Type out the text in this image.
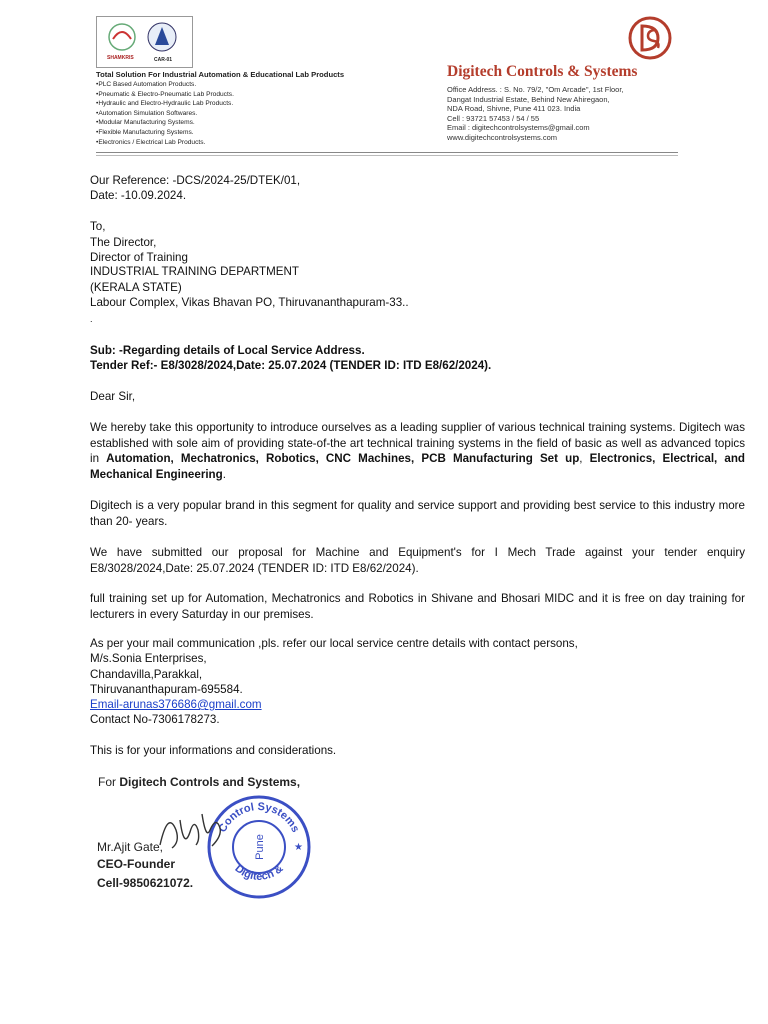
SHAMKRIS	CAR-01
Total Solution For Industrial Automation & Educational Lab Products
• PLC Based Automation Products.
• Pneumatic & Electro-Pneumatic Lab Products.
• Hydraulic and Electro-Hydraulic Lab Products.
• Automation Simulation Softwares.
• Modular Manufacturing Systems.
• Flexible Manufacturing Systems.
• Electronics / Electrical Lab Products.
Digitech Controls & Systems
Office Address. : S. No. 79/2, "Om Arcade", 1st Floor,
Dangat Industrial Estate, Behind New Ahiregaon,
NDA Road, Shivne, Pune 411 023. India
Cell : 93721 57453 / 54 / 55
Email : digitechcontrolsystems@gmail.com
www.digitechcontrolsystems.com
Our Reference: -DCS/2024-25/DTEK/01,
Date: -10.09.2024.
To,
The Director,
Director of Training
INDUSTRIAL TRAINING DEPARTMENT
(KERALA STATE)
Labour Complex, Vikas Bhavan PO, Thiruvananthapuram-33..
.
Sub: -Regarding details of Local Service Address.
Tender Ref:- E8/3028/2024,Date: 25.07.2024 (TENDER ID: ITD E8/62/2024).
Dear Sir,
We hereby take this opportunity to introduce ourselves as a leading supplier of various technical training systems. Digitech was established with sole aim of providing state-of-the art technical training systems in the field of basic as well as advanced topics in Automation, Mechatronics, Robotics, CNC Machines, PCB Manufacturing Set up, Electronics, Electrical, and Mechanical Engineering.
Digitech is a very popular brand in this segment for quality and service support and providing best service to this industry more than 20- years.
We have submitted our proposal for Machine and Equipment's for I Mech Trade against your tender enquiry E8/3028/2024,Date: 25.07.2024 (TENDER ID: ITD E8/62/2024).
full training set up for Automation, Mechatronics and Robotics in Shivane and Bhosari MIDC and it is free on day training for lecturers in every Saturday in our premises.
As per your mail communication ,pls. refer our local service centre details with contact persons,
M/s.Sonia Enterprises,
Chandavilla,Parakkal,
Thiruvananthapuram-695584.
Email-arunas376686@gmail.com
Contact No-7306178273.
This is for your informations and considerations.
For Digitech Controls and Systems,
Control Systems
Digitech &
Pune	★
Mr.Ajit Gate,
CEO-Founder
Cell-9850621072.
